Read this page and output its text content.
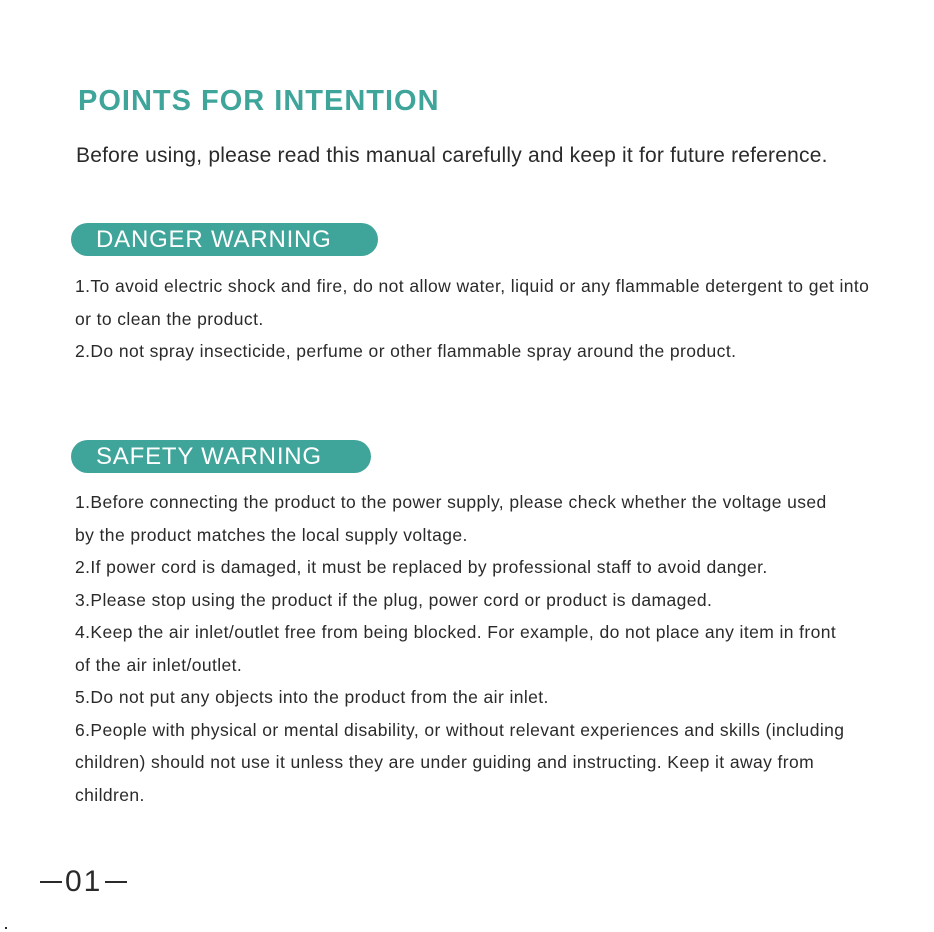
POINTS FOR INTENTION

Before using, please read this manual carefully and keep it for future reference.

DANGER WARNING
1.To avoid electric shock and fire, do not allow water, liquid or any flammable detergent to get into or to clean the product.
2.Do not spray insecticide, perfume or other flammable spray around the product.
SAFETY WARNING
1.Before connecting the product to the power supply, please check whether the voltage used by the product matches the local supply voltage.
2.If power cord is damaged, it must be replaced by professional staff to avoid danger.
3.Please stop using the product if the plug, power cord or product is damaged.
4.Keep the air inlet/outlet free from being blocked. For example, do not place any item in front of the air inlet/outlet.
5.Do not put any objects into the product from the air inlet.
6.People with physical or mental disability, or without relevant experiences and skills (including children) should not use it unless they are under guiding and instructing. Keep it away from children.
01
